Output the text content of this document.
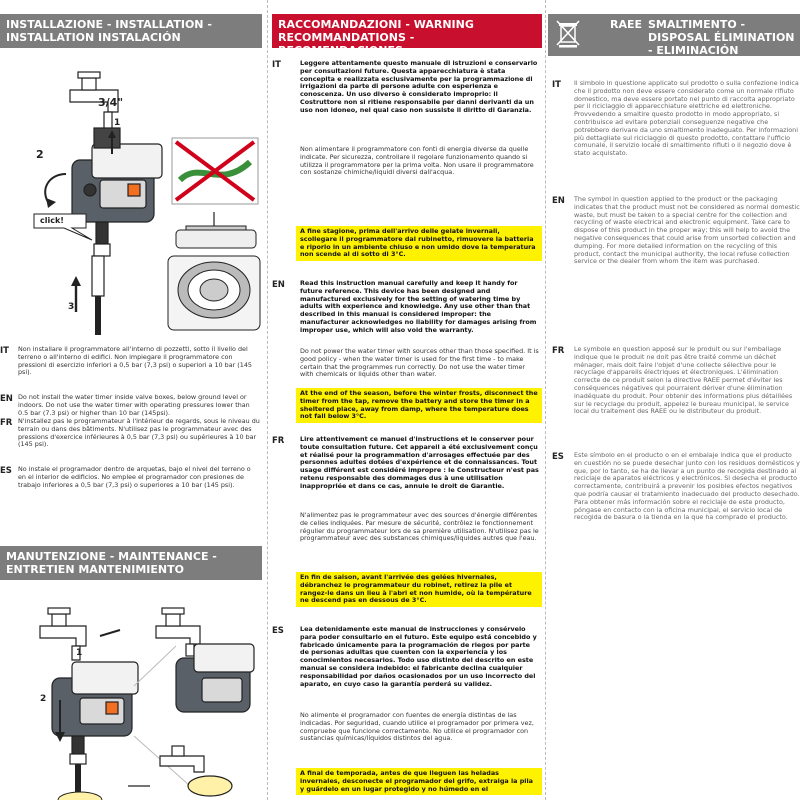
INSTALLAZIONE - INSTALLATION - INSTALLATION INSTALACIÓN
3/4"
1
2
3
click!
IT Non installare il programmatore all'interno di pozzetti, sotto il livello del terreno o all'interno di edifici. Non impiegare il programmatore con pressioni di esercizio inferiori a 0,5 bar (7,3 psi) o superiori a 10 bar (145 psi).
EN Do not install the water timer inside valve boxes, below ground level or indoors. Do not use the water timer with operating pressures lower than 0.5 bar (7.3 psi) or higher than 10 bar (145psi).
FR N'installez pas le programmateur à l'intérieur de regards, sous le niveau du terrain ou dans des bâtiments. N'utilisez pas le programmateur avec des pressions d'exercice inférieures à 0,5 bar (7,3 psi) ou supérieures à 10 bar (145 psi).
ES No instale el programador dentro de arquetas, bajo el nivel del terreno o en el interior de edificios. No emplee el programador con presiones de trabajo inferiores a 0,5 bar (7,3 psi) o superiores a 10 bar (145 psi).
MANUTENZIONE - MAINTENANCE - ENTRETIEN MANTENIMIENTO
1
2
RACCOMANDAZIONI - WARNING RECOMMANDATIONS - RECOMENDACIONES
IT	Leggere attentamente questo manuale di istruzioni e conservarlo per consultazioni future. Questa apparecchiatura è stata concepita e realizzata esclusivamente per la programmazione di irrigazioni da parte di persone adulte con esperienza e conoscenza. Un uso diverso è considerato improprio: il Costruttore non si ritiene responsabile per danni derivanti da un uso non idoneo, nel qual caso non sussiste il diritto di Garanzia.
Non alimentare il programmatore con fonti di energia diverse da quelle indicate. Per sicurezza, controllare il regolare funzionamento quando si utilizza il programmatore per la prima volta. Non usare il programmatore con sostanze chimiche/liquidi diversi dall'acqua.
A fine stagione, prima dell'arrivo delle gelate invernali, scollegare il programmatore dal rubinetto, rimuovere la batteria e riporlo in un ambiente chiuso e non umido dove la temperatura non scende al di sotto di 3°C.
EN Read this instruction manual carefully and keep it handy for future reference. This device has been designed and manufactured exclusively for the setting of watering time by adults with experience and knowledge. Any use other than that described in this manual is considered improper: the manufacturer acknowledges no liability for damages arising from improper use, which will also void the warranty.
Do not power the water timer with sources other than those specified. It is good policy - when the water timer is used for the first time - to make certain that the programmes run correctly. Do not use the water timer with chemicals or liquids other than water.
At the end of the season, before the winter frosts, disconnect the timer from the tap, remove the battery and store the timer in a sheltered place, away from damp, where the temperature does not fall below 3°C.
FR Lire attentivement ce manuel d'instructions et le conserver pour toute consultation future. Cet appareil a été exclusivement conçu et réalisé pour la programmation d'arrosages effectuée par des personnes adultes dotées d'expérience et de connaissances. Tout usage différent est considéré impropre : le Constructeur n'est pas retenu responsable des dommages dus à une utilisation inappropriée et dans ce cas, annule le droit de Garantie.
N'alimentez pas le programmateur avec des sources d'énergie différentes de celles indiquées. Par mesure de sécurité, contrôlez le fonctionnement régulier du programmateur lors de sa première utilisation. N'utilisez pas le programmateur avec des substances chimiques/liquides autres que l'eau.
En fin de saison, avant l'arrivée des gelées hivernales, débranchez le programmateur du robinet, retirez la pile et rangez-le dans un lieu à l'abri et non humide, où la température ne descend pas en dessous de 3°C.
ES	Lea detenidamente este manual de instrucciones y consérvelo para poder consultarlo en el futuro. Este equipo está concebido y fabricado únicamente para la programación de riegos por parte de personas adultas que cuenten con la experiencia y los conocimientos necesarios. Todo uso distinto del descrito en este manual se considera indebido: el fabricante declina cualquier responsabilidad por daños ocasionados por un uso incorrecto del aparato, en cuyo caso la garantía perderá su validez.
No alimente el programador con fuentes de energía distintas de las indicadas. Por seguridad, cuando utilice el programador por primera vez, compruebe que funcione correctamente. No utilice el programador con sustancias químicas/líquidos distintos del agua.
A final de temporada, antes de que lleguen las heladas invernales, desconecte el programador del grifo, extraiga la pila y guárdelo en un lugar protegido y no húmedo en el
RAEE SMALTIMENTO - DISPOSAL ÉLIMINATION - ELIMINACIÓN
IT Il simbolo in questione applicato sul prodotto o sulla confezione indica che il prodotto non deve essere considerato come un normale rifiuto domestico, ma deve essere portato nel punto di raccolta appropriato per il riciclaggio di apparecchiature elettriche ed elettroniche. Provvedendo a smaltire questo prodotto in modo appropriato, si contribuisce ad evitare potenziali conseguenze negative che potrebbero derivare da uno smaltimento inadeguato. Per informazioni più dettagliate sul riciclaggio di questo prodotto, contattare l'ufficio comunale, il servizio locale di smaltimento rifiuti o il negozio dove è stato acquistato.
EN The symbol in question applied to the product or the packaging indicates that the product must not be considered as normal domestic waste, but must be taken to a special centre for the collection and recycling of waste electrical and electronic equipment. Take care to dispose of this product in the proper way; this will help to avoid the negative consequences that could arise from unsorted collection and dumping. For more detailed information on the recycling of this product, contact the municipal authority, the local refuse collection service or the dealer from whom the item was purchased.
FR Le symbole en question apposé sur le produit ou sur l'emballage indique que le produit ne doit pas être traité comme un déchet ménager, mais doit faire l'objet d'une collecte sélective pour le recyclage d'appareils électriques et électroniques. L'élimination correcte de ce produit selon la directive RAEE permet d'éviter les conséquences négatives qui pourraient dériver d'une élimination inadéquate du produit. Pour obtenir des informations plus détaillées sur le recyclage du produit, appelez le bureau municipal, le service local du traitement des RAEE ou le distributeur du produit.
ES Este símbolo en el producto o en el embalaje indica que el producto en cuestión no se puede desechar junto con los residuos domésticos y que, por lo tanto, se ha de llevar a un punto de recogida destinado al reciclaje de aparatos eléctricos y electrónicos. Si desecha el producto correctamente, contribuirá a prevenir los posibles efectos negativos que podría causar el tratamiento inadecuado del producto desechado. Para obtener más información sobre el reciclaje de este producto, póngase en contacto con la oficina municipal, el servicio local de recogida de basura o la tienda en la que ha comprado el producto.
